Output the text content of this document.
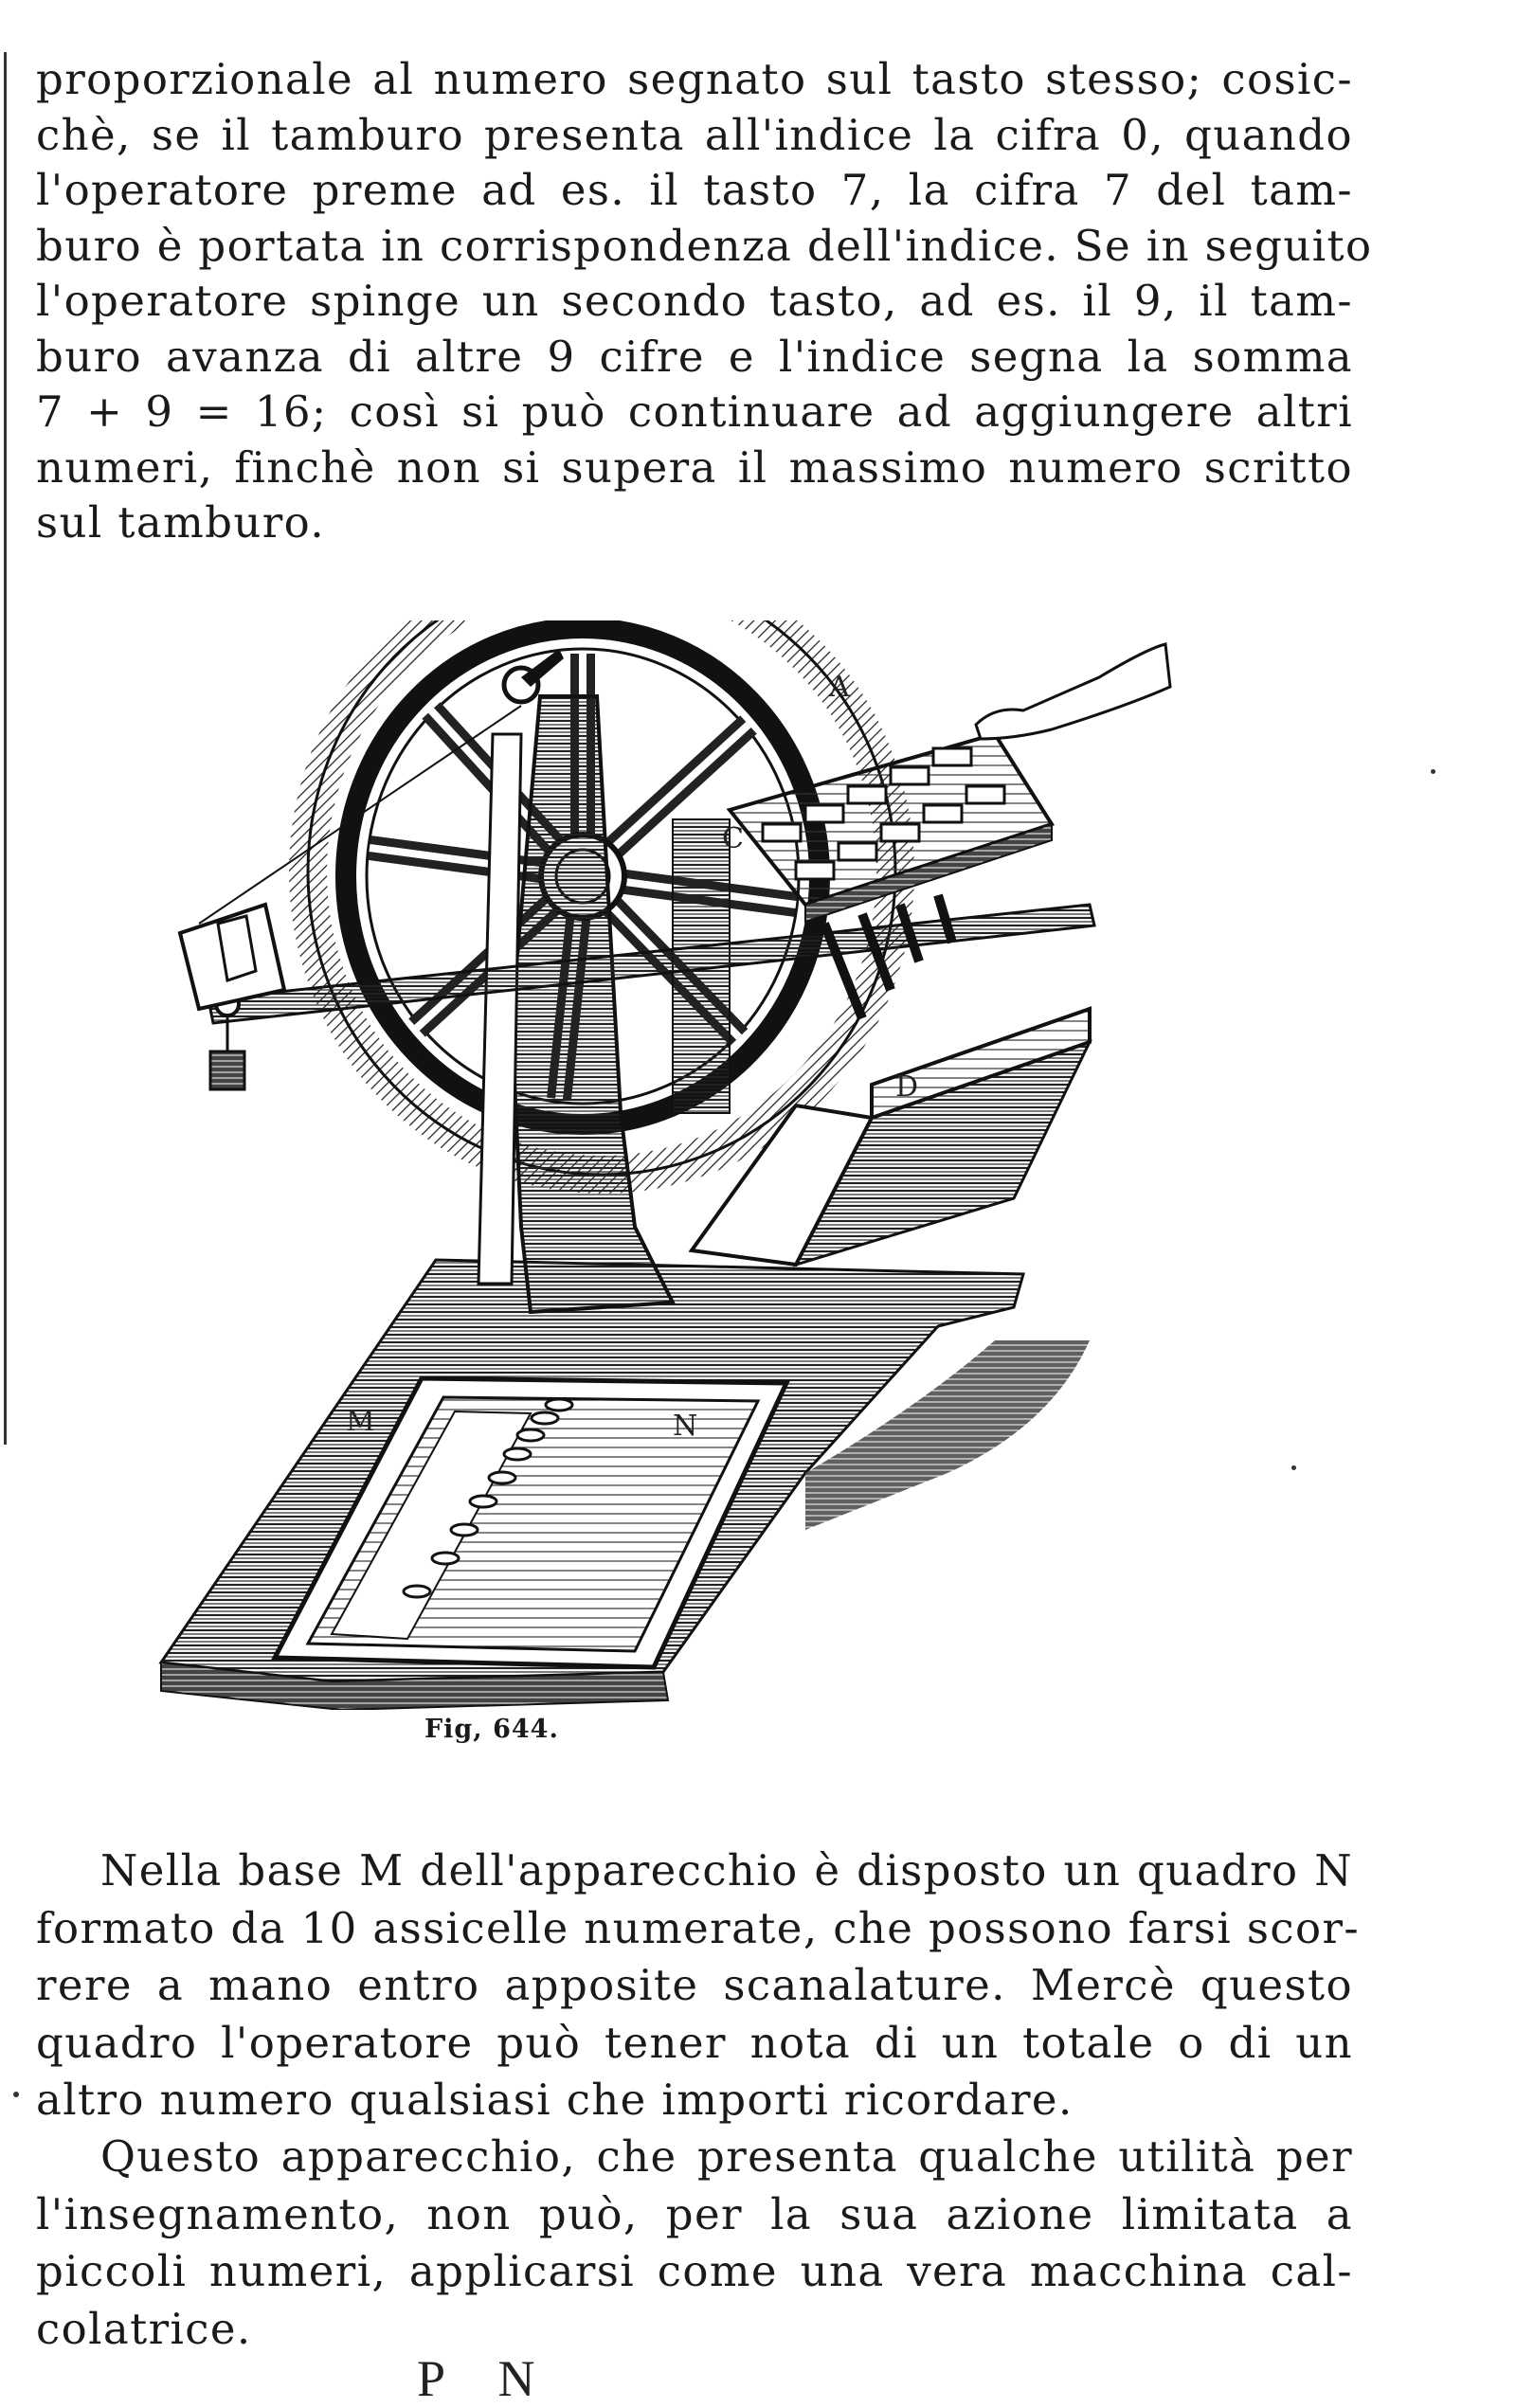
proporzionale al numero segnato sul tasto stesso; cosic-
chè, se il tamburo presenta all'indice la cifra 0, quando
l'operatore preme ad es. il tasto 7, la cifra 7 del tam-
buro è portata in corrispondenza dell'indice. Se in seguito
l'operatore spinge un secondo tasto, ad es. il 9, il tam-
buro avanza di altre 9 cifre e l'indice segna la somma
7 + 9 = 16; così si può continuare ad aggiungere altri
numeri, finchè non si supera il massimo numero scritto
sul tamburo.
A
C
D
M	N
Fig, 644.
Nella base M dell'apparecchio è disposto un quadro N
formato da 10 assicelle numerate, che possono farsi scor-
rere a mano entro apposite scanalature. Mercè questo
quadro l'operatore può tener nota di un totale o di un
altro numero qualsiasi che importi ricordare.
Questo apparecchio, che presenta qualche utilità per
l'insegnamento, non può, per la sua azione limitata a
piccoli numeri, applicarsi come una vera macchina cal-
colatrice.
P N
